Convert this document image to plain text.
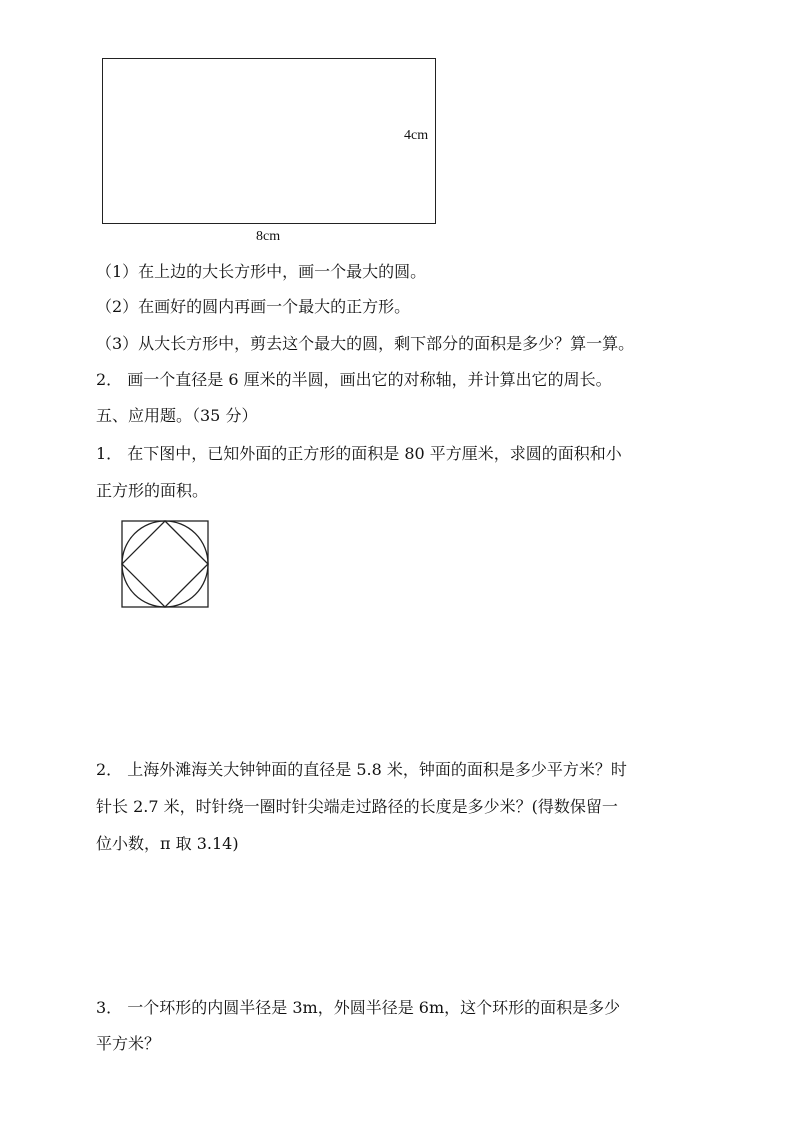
4cm
8cm
（1）在上边的大长方形中，画一个最大的圆。
（2）在画好的圆内再画一个最大的正方形。
（3）从大长方形中，剪去这个最大的圆，剩下部分的面积是多少？算一算。
2． 画一个直径是 6 厘米的半圆，画出它的对称轴，并计算出它的周长。
五、应用题。（35 分）
1． 在下图中，已知外面的正方形的面积是 80 平方厘米，求圆的面积和小
正方形的面积。
2． 上海外滩海关大钟钟面的直径是 5.8 米，钟面的面积是多少平方米？时
针长 2.7 米，时针绕一圈时针尖端走过路径的长度是多少米？(得数保留一
位小数，π 取 3.14)
3． 一个环形的内圆半径是 3m，外圆半径是 6m，这个环形的面积是多少
平方米？
